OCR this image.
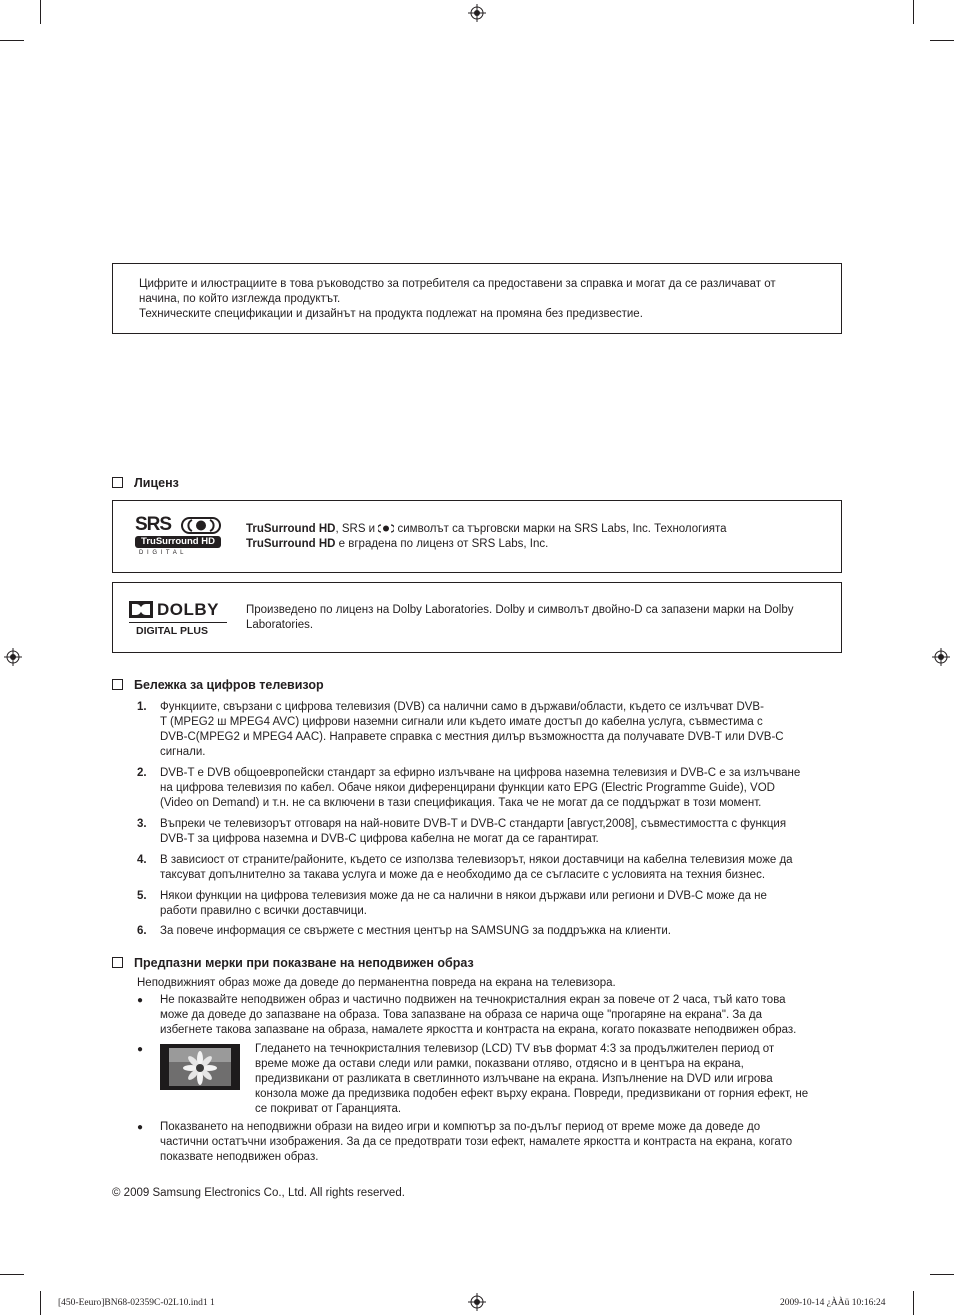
Цифрите и илюстрациите в това ръководство за потребителя са предоставени за справка и могат да се различават от

начина, по който изглежда продуктът.

Техническите спецификации и дизайнът на продукта подлежат на промяна без предизвестие.

Лиценз
SRS
TruSurround HD
D I G I T A L
TruSurround HD, SRS и  символът са търговски марки на SRS Labs, Inc. Технологията
TruSurround HD е вградена по лиценз от SRS Labs, Inc.
DOLBY
DIGITAL PLUS
Произведено по лиценз на Dolby Laboratories. Dolby и символът двойно-D са запазени марки на Dolby
Laboratories.
Бележка за цифров телевизор
1. Функциите, свързани с цифрова телевизия (DVB) са налични само в държави/области, където се излъчват DVB-
T (MPEG2 ш MPEG4 AVC) цифрови наземни сигнали или където имате достъп до кабелна услуга, съвместима с
DVB-C(MPEG2 и MPEG4 AAC). Направете справка с местния дилър възможността да получавате DVB-T или DVB-C
сигнали.
2. DVB-T е DVB общоевропейски стандарт за ефирно излъчване на цифрова наземна телевизия и DVB-C е за излъчване
на цифрова телевизия по кабел. Обаче някои диференцирани функции като EPG (Electric Programme Guide), VOD
(Video on Demand) и т.н. не са включени в тази спецификация. Така че не могат да се поддържат в този момент.
3. Въпреки че телевизорът отговаря на най-новите DVB-T и DVB-C стандарти [август,2008], съвместимостта с функция
DVB-T за цифрова наземна и DVB-C цифрова кабелна не могат да се гарантират.
4. В зависиост от страните/районите, където се използва телевизорът, някои доставчици на кабелна телевизия може да
таксуват допълнително за такава услуга и може да е необходимо да се съгласите с условията на техния бизнес.
5. Някои функции на цифрова телевизия може да не са налични в някои държави или региони и DVB-C може да не
работи правилно с всички доставчици.
6. За повече информация се свържете с местния център на SAMSUNG за поддръжка на клиенти.
Предпазни мерки при показване на неподвижен образ
Неподвижният образ може да доведе до перманентна повреда на екрана на телевизора.
● Не показвайте неподвижен образ и частично подвижен на течнокристалния екран за повече от 2 часа, тъй като това
може да доведе до запазване на образа. Това запазване на образа се нарича още "прогаряне на екрана". За да
избегнете такова запазване на образа, намалете яркостта и контраста на екрана, когато показвате неподвижен образ.
●	Гледането на течнокристалния телевизор (LCD) TV във формат 4:3 за продължителен период от
време може да остави следи или рамки, показвани отляво, отдясно и в центъра на екрана,
предизвикани от разликата в светлинното излъчване на екрана. Изпълнение на DVD или игрова
конзола може да предизвика подобен ефект върху екрана. Повреди, предизвикани от горния ефект, не
се покриват от Гаранцията.
● Показването на неподвижни образи на видео игри и компютър за по-дълъг период от време може да доведе до
частични остатъчни изображения. За да се предотврати този ефект, намалете яркостта и контраста на екрана, когато
показвате неподвижен образ.
© 2009 Samsung Electronics Co., Ltd. All rights reserved.
[450-Eeuro]BN68-02359C-02L10.ind1 1	2009-10-14 ¿ÀÀü 10:16:24
